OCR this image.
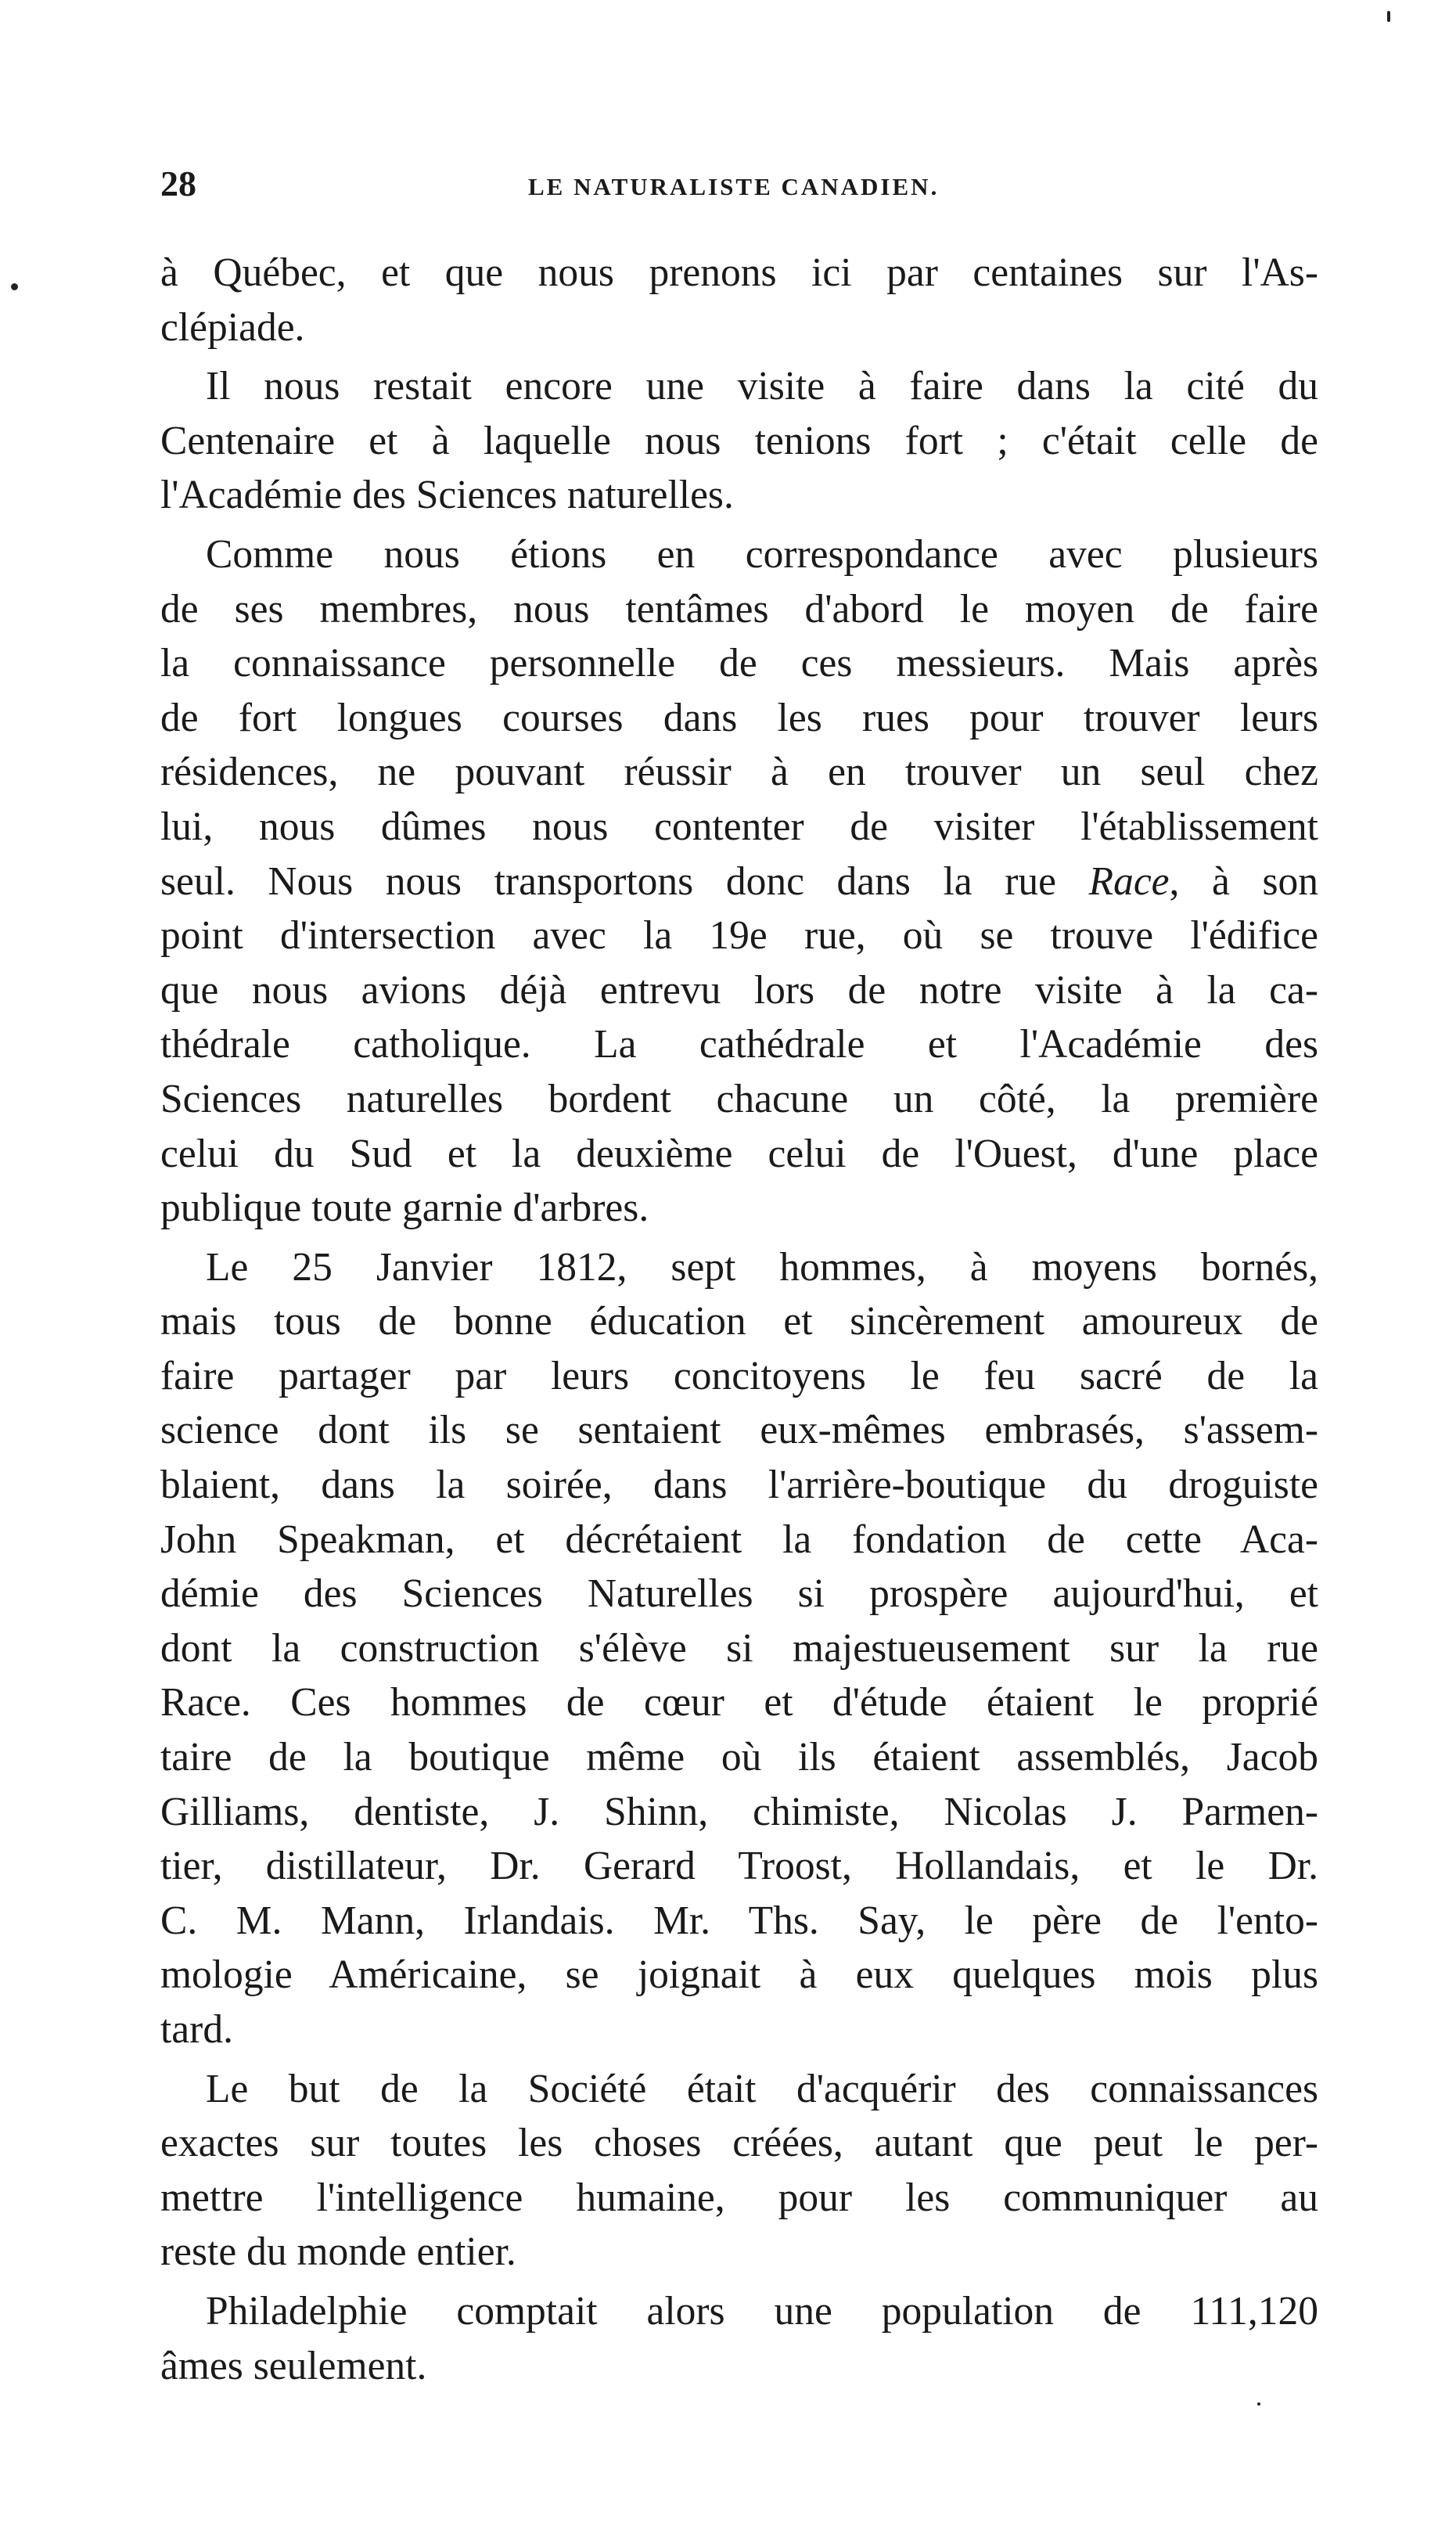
28	LE NATURALISTE CANADIEN.
à Québec, et que nous prenons ici par centaines sur l'As-
clépiade.
Il nous restait encore une visite à faire dans la cité du
Centenaire et à laquelle nous tenions fort ; c'était celle de
l'Académie des Sciences naturelles.
Comme nous étions en correspondance avec plusieurs
de ses membres, nous tentâmes d'abord le moyen de faire
la connaissance personnelle de ces messieurs. Mais après
de fort longues courses dans les rues pour trouver leurs
résidences, ne pouvant réussir à en trouver un seul chez
lui, nous dûmes nous contenter de visiter l'établissement
seul. Nous nous transportons donc dans la rue Race, à son
point d'intersection avec la 19e rue, où se trouve l'édifice
que nous avions déjà entrevu lors de notre visite à la ca-
thédrale catholique. La cathédrale et l'Académie des
Sciences naturelles bordent chacune un côté, la première
celui du Sud et la deuxième celui de l'Ouest, d'une place
publique toute garnie d'arbres.
Le 25 Janvier 1812, sept hommes, à moyens bornés,
mais tous de bonne éducation et sincèrement amoureux de
faire partager par leurs concitoyens le feu sacré de la
science dont ils se sentaient eux-mêmes embrasés, s'assem-
blaient, dans la soirée, dans l'arrière-boutique du droguiste
John Speakman, et décrétaient la fondation de cette Aca-
démie des Sciences Naturelles si prospère aujourd'hui, et
dont la construction s'élève si majestueusement sur la rue
Race. Ces hommes de cœur et d'étude étaient le proprié
taire de la boutique même où ils étaient assemblés, Jacob
Gilliams, dentiste, J. Shinn, chimiste, Nicolas J. Parmen-
tier, distillateur, Dr. Gerard Troost, Hollandais, et le Dr.
C. M. Mann, Irlandais. Mr. Ths. Say, le père de l'ento-
mologie Américaine, se joignait à eux quelques mois plus
tard.
Le but de la Société était d'acquérir des connaissances
exactes sur toutes les choses créées, autant que peut le per-
mettre l'intelligence humaine, pour les communiquer au
reste du monde entier.
Philadelphie comptait alors une population de 111,120
âmes seulement.
